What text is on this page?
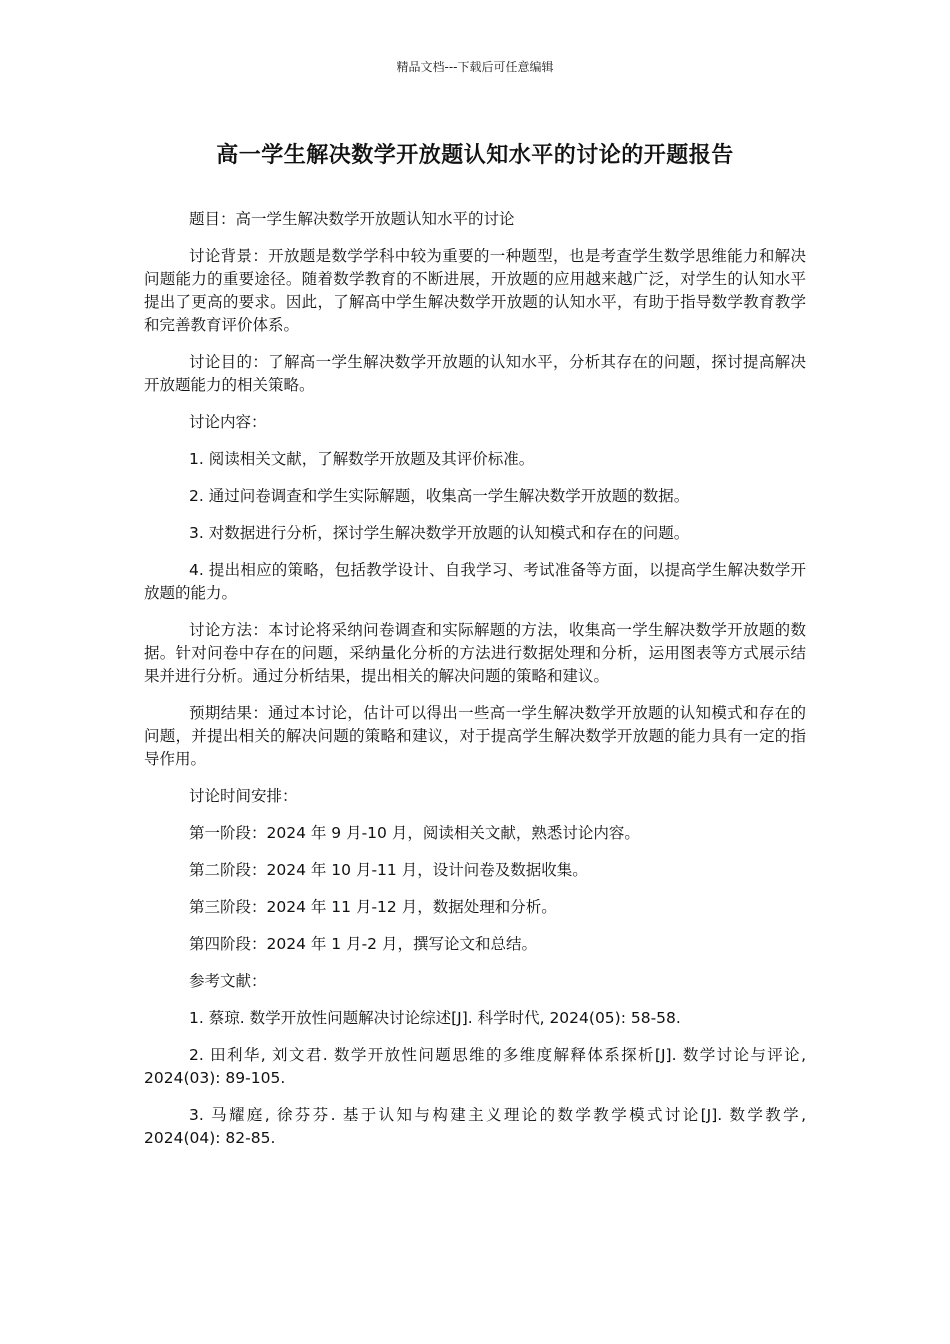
精品文档---下载后可任意编辑
高一学生解决数学开放题认知水平的讨论的开题报告

题目：高一学生解决数学开放题认知水平的讨论

讨论背景：开放题是数学学科中较为重要的一种题型，也是考查学生数学思维能力和解决问题能力的重要途径。随着数学教育的不断进展，开放题的应用越来越广泛，对学生的认知水平提出了更高的要求。因此，了解高中学生解决数学开放题的认知水平，有助于指导数学教育教学和完善教育评价体系。

讨论目的：了解高一学生解决数学开放题的认知水平，分析其存在的问题，探讨提高解决开放题能力的相关策略。

讨论内容：

1. 阅读相关文献，了解数学开放题及其评价标准。

2. 通过问卷调查和学生实际解题，收集高一学生解决数学开放题的数据。

3. 对数据进行分析，探讨学生解决数学开放题的认知模式和存在的问题。

4. 提出相应的策略，包括教学设计、自我学习、考试准备等方面，以提高学生解决数学开放题的能力。

讨论方法：本讨论将采纳问卷调查和实际解题的方法，收集高一学生解决数学开放题的数据。针对问卷中存在的问题，采纳量化分析的方法进行数据处理和分析，运用图表等方式展示结果并进行分析。通过分析结果，提出相关的解决问题的策略和建议。

预期结果：通过本讨论，估计可以得出一些高一学生解决数学开放题的认知模式和存在的问题，并提出相关的解决问题的策略和建议，对于提高学生解决数学开放题的能力具有一定的指导作用。

讨论时间安排：

第一阶段：2024 年 9 月-10 月，阅读相关文献，熟悉讨论内容。

第二阶段：2024 年 10 月-11 月，设计问卷及数据收集。

第三阶段：2024 年 11 月-12 月，数据处理和分析。

第四阶段：2024 年 1 月-2 月，撰写论文和总结。

参考文献：

1. 蔡琼. 数学开放性问题解决讨论综述[J]. 科学时代, 2024(05): 58-58.

2. 田利华, 刘文君. 数学开放性问题思维的多维度解释体系探析[J]. 数学讨论与评论, 2024(03): 89-105.

3. 马耀庭, 徐芬芬. 基于认知与构建主义理论的数学教学模式讨论[J]. 数学教学, 2024(04): 82-85.
